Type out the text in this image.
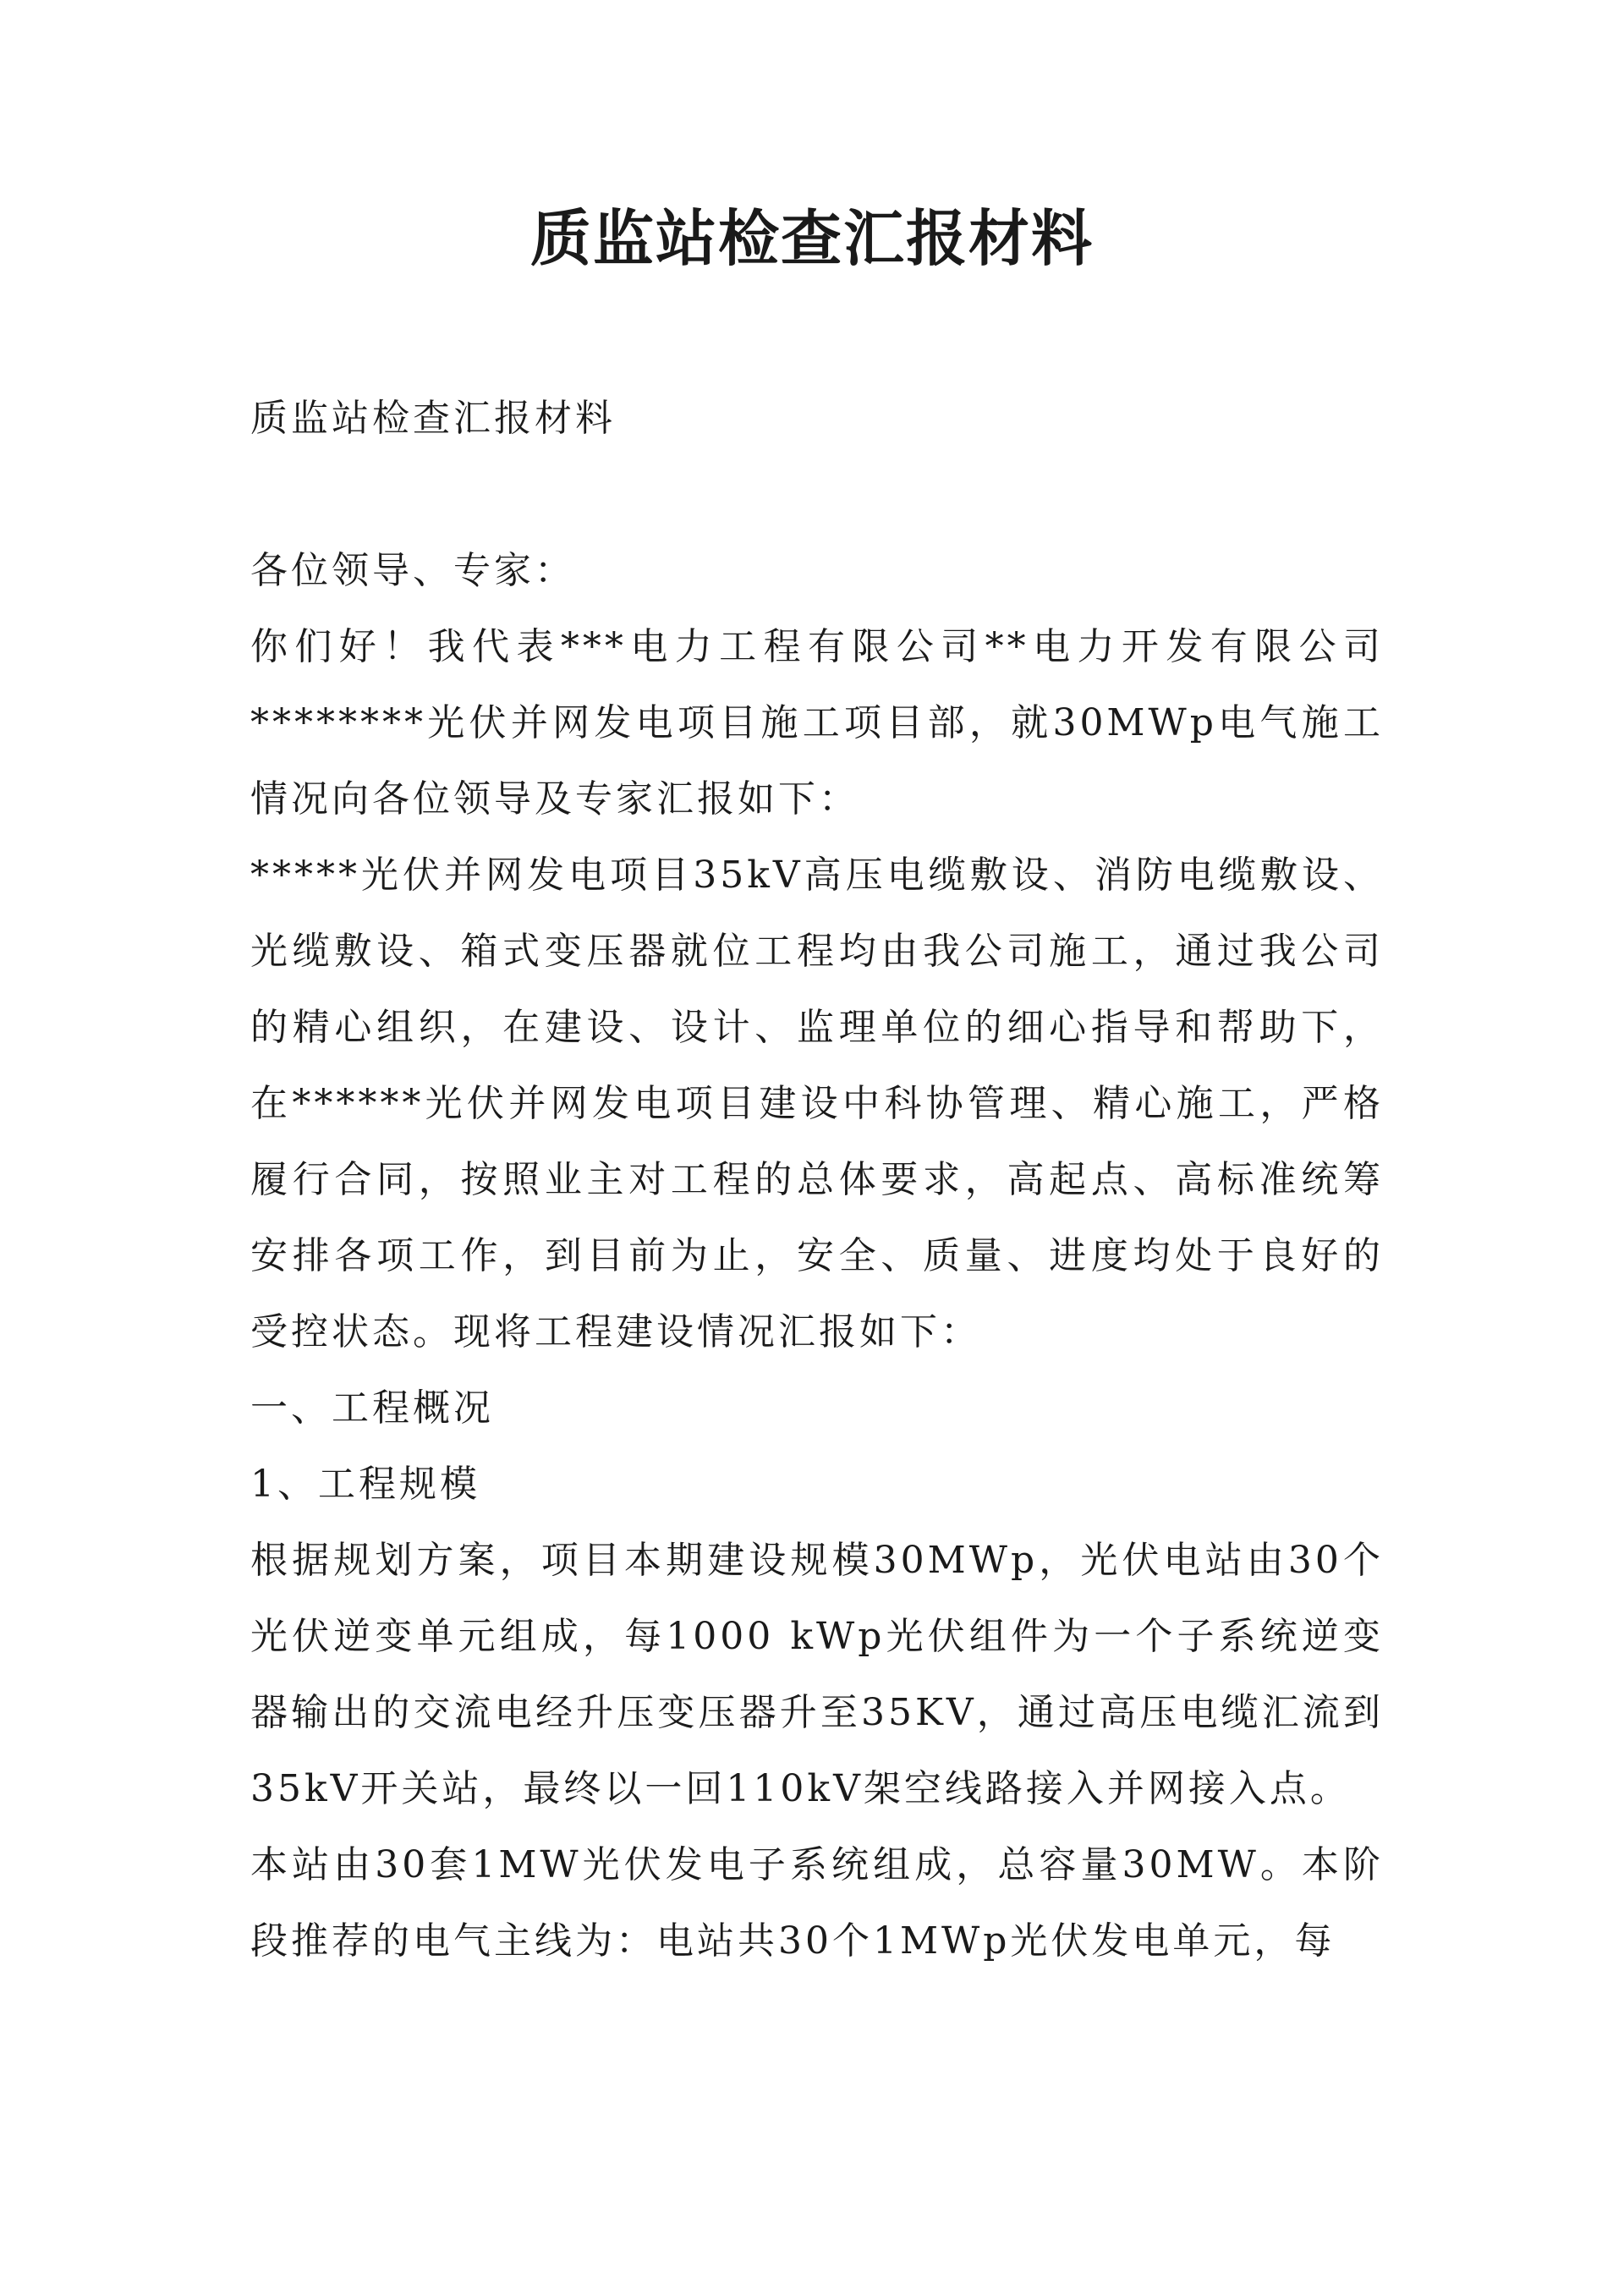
质监站检查汇报材料

质监站检查汇报材料

各位领导、专家：

你们好！我代表***电力工程有限公司**电力开发有限公司********光伏并网发电项目施工项目部，就30MWp电气施工情况向各位领导及专家汇报如下：

*****光伏并网发电项目35kV高压电缆敷设、消防电缆敷设、光缆敷设、箱式变压器就位工程均由我公司施工，通过我公司的精心组织，在建设、设计、监理单位的细心指导和帮助下，在******光伏并网发电项目建设中科协管理、精心施工，严格履行合同，按照业主对工程的总体要求，高起点、高标准统筹安排各项工作，到目前为止，安全、质量、进度均处于良好的受控状态。现将工程建设情况汇报如下：

一、工程概况

1、工程规模

根据规划方案，项目本期建设规模30MWp，光伏电站由30个光伏逆变单元组成，每1000 kWp光伏组件为一个子系统逆变器输出的交流电经升压变压器升至35KV，通过高压电缆汇流到35kV开关站，最终以一回110kV架空线路接入并网接入点。

本站由30套1MW光伏发电子系统组成，总容量30MW。本阶段推荐的电气主线为：电站共30个1MWp光伏发电单元，每
